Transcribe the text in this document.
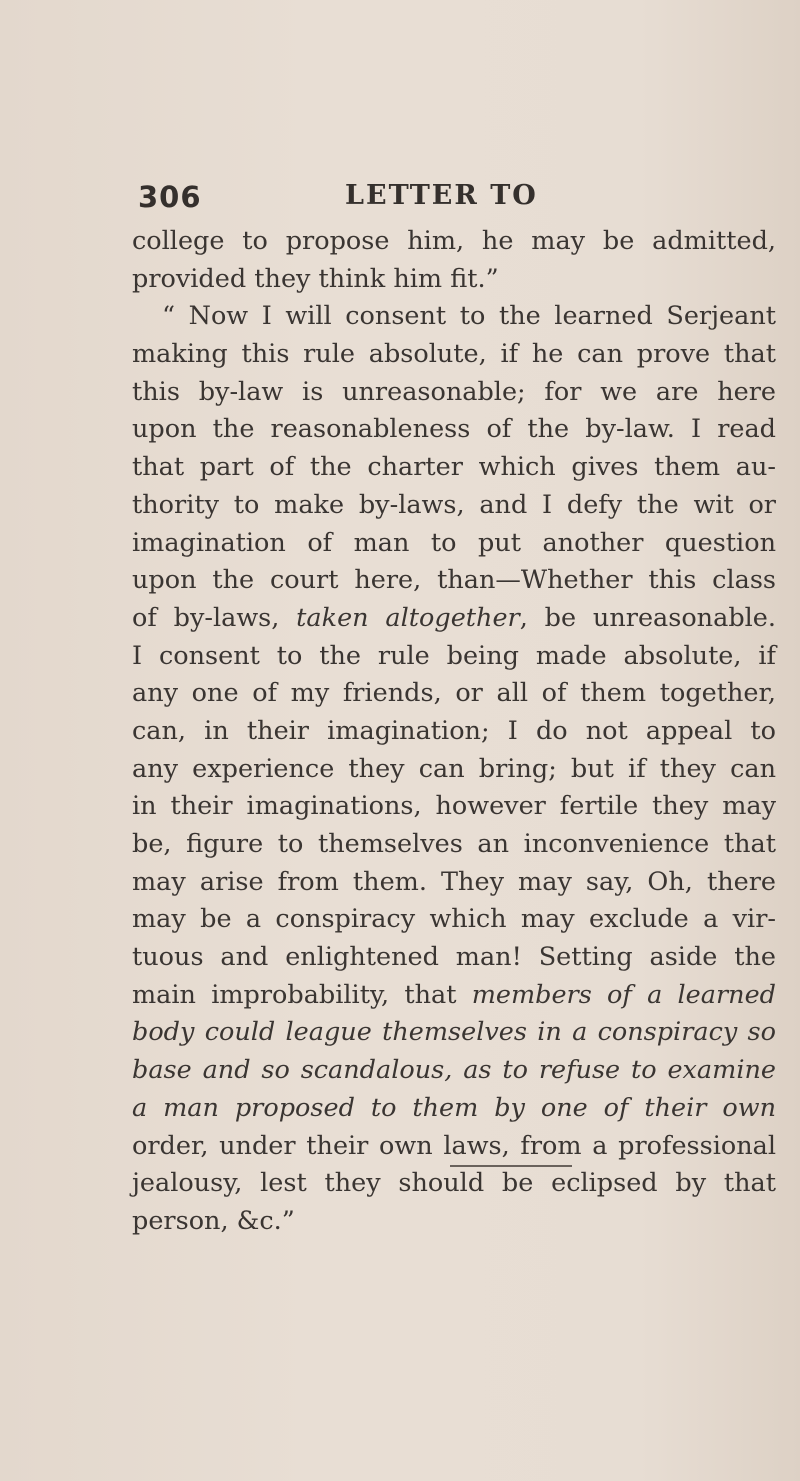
306	LETTER TO
college to propose him, he may be admitted,
provided they think him fit.”
“ Now I will consent to the learned Serjeant
making this rule absolute, if he can prove that
this by-law is unreasonable; for we are here
upon the reasonableness of the by-law. I read
that part of the charter which gives them au-
thority to make by-laws, and I defy the wit or
imagination of man to put another question
upon the court here, than—Whether this class
of by-laws, taken altogether, be unreasonable.
I consent to the rule being made absolute, if
any one of my friends, or all of them together,
can, in their imagination; I do not appeal to
any experience they can bring; but if they can
in their imaginations, however fertile they may
be, figure to themselves an inconvenience that
may arise from them. They may say, Oh, there
may be a conspiracy which may exclude a vir-
tuous and enlightened man! Setting aside the
main improbability, that members of a learned
body could league themselves in a conspiracy so
base and so scandalous, as to refuse to examine
a man proposed to them by one of their own
order, under their own laws, from a professional
jealousy, lest they should be eclipsed by that
person, &c.”
